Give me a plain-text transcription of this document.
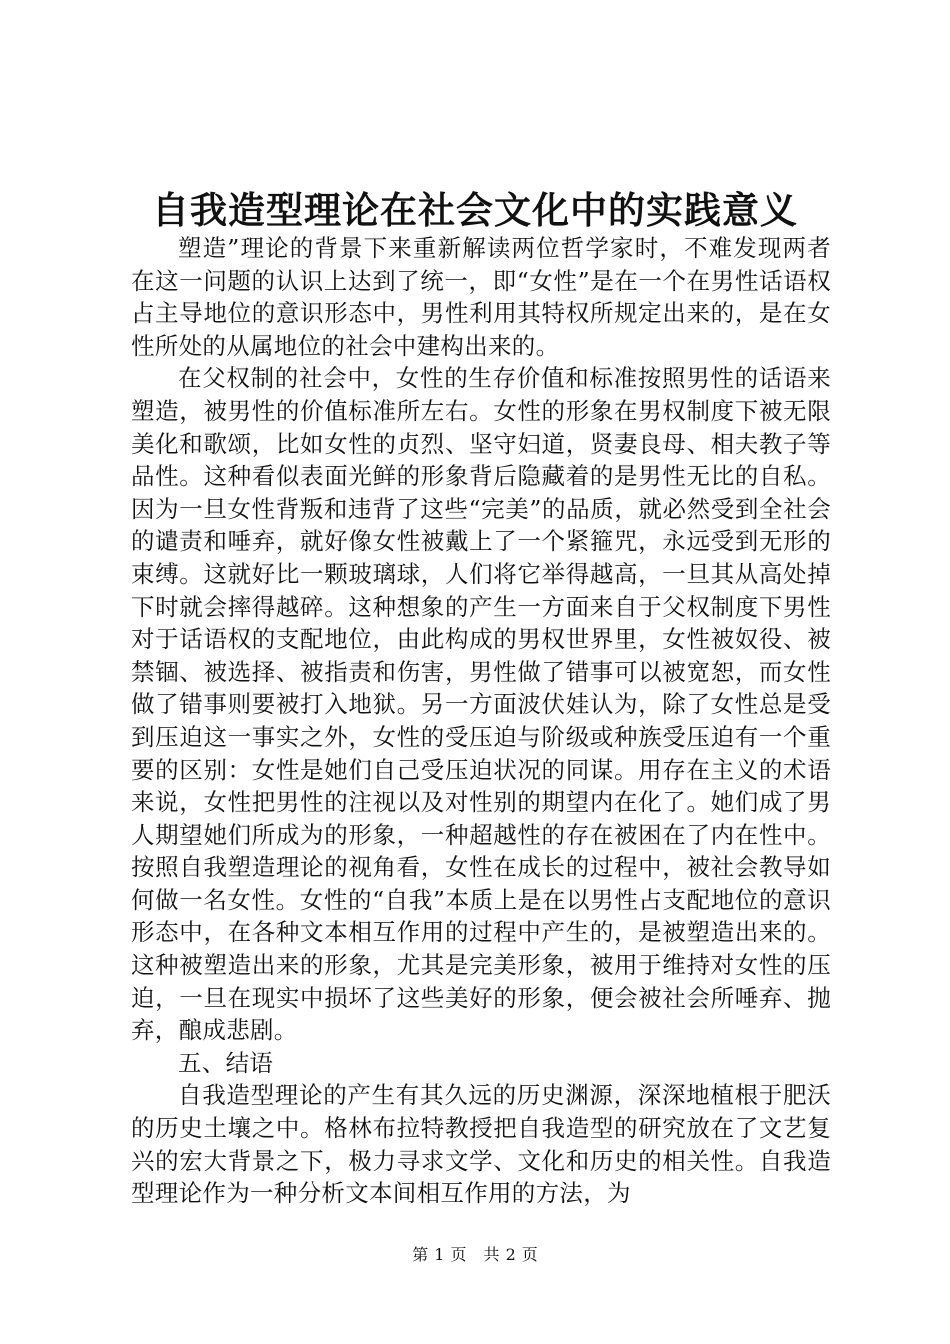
自我造型理论在社会文化中的实践意义

塑造”理论的背景下来重新解读两位哲学家时，不难发现两者在这一问题的认识上达到了统一，即“女性”是在一个在男性话语权占主导地位的意识形态中，男性利用其特权所规定出来的，是在女性所处的从属地位的社会中建构出来的。

在父权制的社会中，女性的生存价值和标准按照男性的话语来塑造，被男性的价值标准所左右。女性的形象在男权制度下被无限美化和歌颂，比如女性的贞烈、坚守妇道，贤妻良母、相夫教子等品性。这种看似表面光鲜的形象背后隐藏着的是男性无比的自私。因为一旦女性背叛和违背了这些“完美”的品质，就必然受到全社会的谴责和唾弃，就好像女性被戴上了一个紧箍咒，永远受到无形的束缚。这就好比一颗玻璃球，人们将它举得越高，一旦其从高处掉下时就会摔得越碎。这种想象的产生一方面来自于父权制度下男性对于话语权的支配地位，由此构成的男权世界里，女性被奴役、被禁锢、被选择、被指责和伤害，男性做了错事可以被宽恕，而女性做了错事则要被打入地狱。另一方面波伏娃认为，除了女性总是受到压迫这一事实之外，女性的受压迫与阶级或种族受压迫有一个重要的区别：女性是她们自己受压迫状况的同谋。用存在主义的术语来说，女性把男性的注视以及对性别的期望内在化了。她们成了男人期望她们所成为的形象，一种超越性的存在被困在了内在性中。按照自我塑造理论的视角看，女性在成长的过程中，被社会教导如何做一名女性。女性的“自我”本质上是在以男性占支配地位的意识形态中，在各种文本相互作用的过程中产生的，是被塑造出来的。这种被塑造出来的形象，尤其是完美形象，被用于维持对女性的压迫，一旦在现实中损坏了这些美好的形象，便会被社会所唾弃、抛弃，酿成悲剧。

五、结语

自我造型理论的产生有其久远的历史渊源，深深地植根于肥沃的历史土壤之中。格林布拉特教授把自我造型的研究放在了文艺复兴的宏大背景之下，极力寻求文学、文化和历史的相关性。自我造型理论作为一种分析文本间相互作用的方法，为

第 1 页 共 2 页
